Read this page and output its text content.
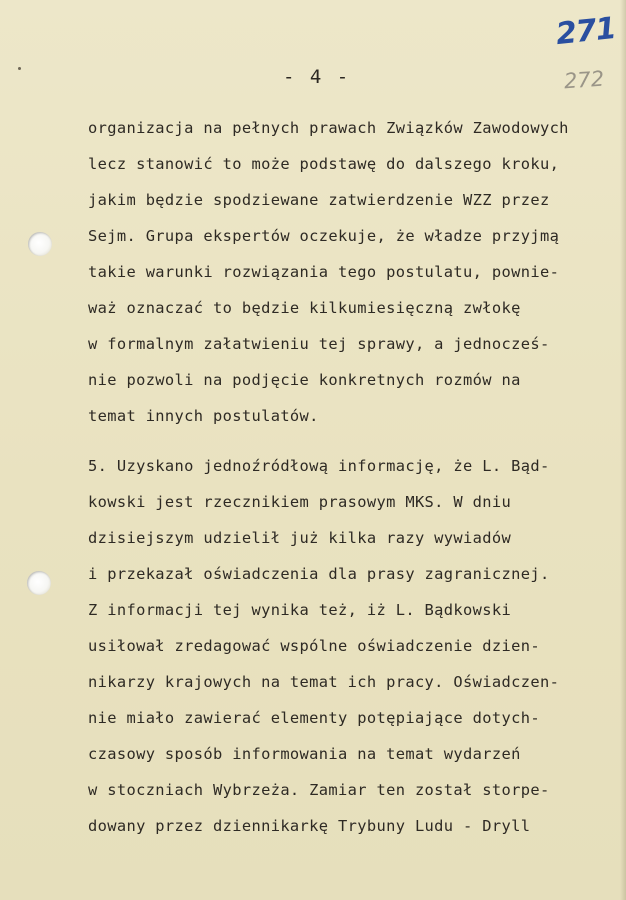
271
272
- 4 -
organizacja na pełnych prawach Związków Zawodowych
lecz stanowić to może podstawę do dalszego kroku,
jakim będzie spodziewane zatwierdzenie WZZ przez
Sejm. Grupa ekspertów oczekuje, że władze przyjmą
takie warunki rozwiązania tego postulatu, pownie-
waż oznaczać to będzie kilkumiesięczną zwłokę
w formalnym załatwieniu tej sprawy, a jednocześ-
nie pozwoli na podjęcie konkretnych rozmów na
temat innych postulatów.
5. Uzyskano jednoźródłową informację, że L. Bąd-
kowski jest rzecznikiem prasowym MKS. W dniu
dzisiejszym udzielił już kilka razy wywiadów
i przekazał oświadczenia dla prasy zagranicznej.
Z informacji tej wynika też, iż L. Bądkowski
usiłował zredagować wspólne oświadczenie dzien-
nikarzy krajowych na temat ich pracy. Oświadczen-
nie miało zawierać elementy potępiające dotych-
czasowy sposób informowania na temat wydarzeń
w stoczniach Wybrzeża. Zamiar ten został storpe-
dowany przez dziennikarkę Trybuny Ludu - Dryll
